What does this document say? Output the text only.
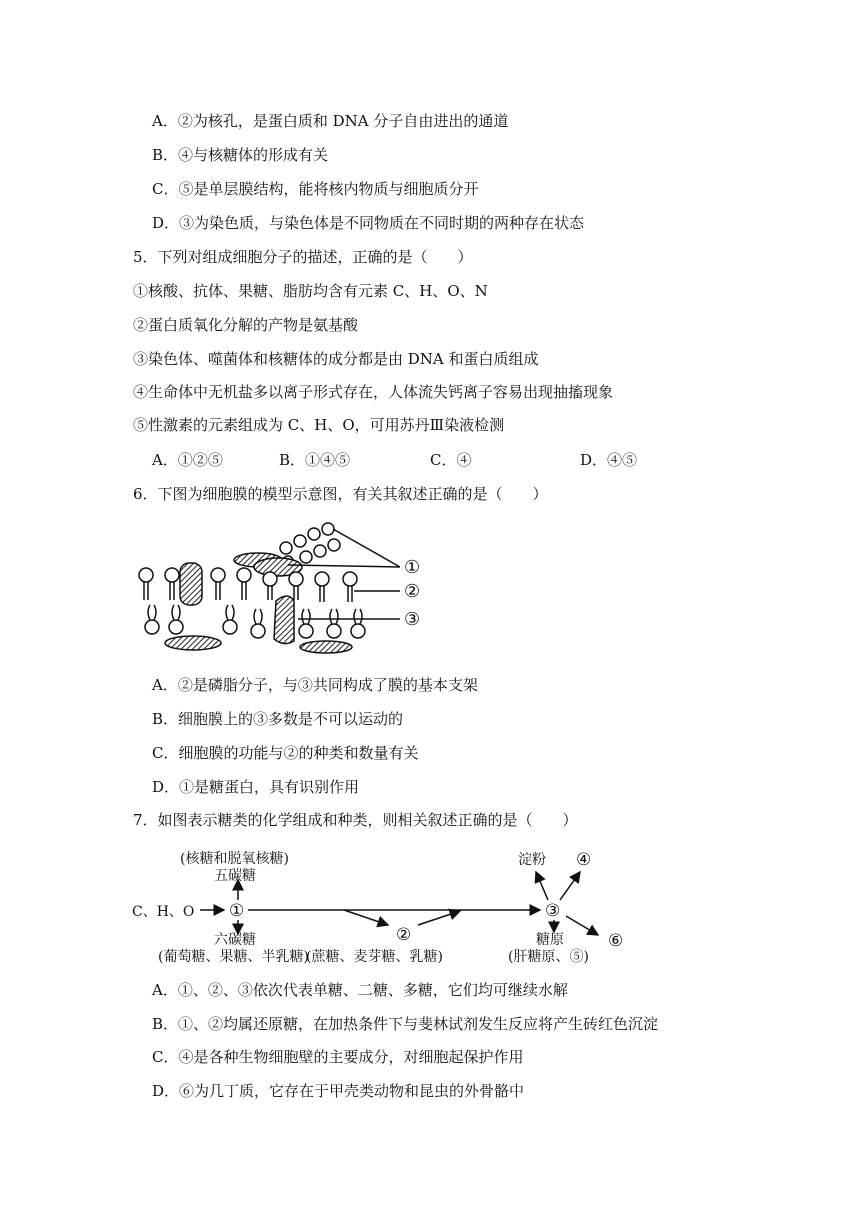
A．②为核孔，是蛋白质和 DNA 分子自由进出的通道
B．④与核糖体的形成有关
C．⑤是单层膜结构，能将核内物质与细胞质分开
D．③为染色质，与染色体是不同物质在不同时期的两种存在状态
5．下列对组成细胞分子的描述，正确的是（　　）
①核酸、抗体、果糖、脂肪均含有元素 C、H、O、N
②蛋白质氧化分解的产物是氨基酸
③染色体、噬菌体和核糖体的成分都是由 DNA 和蛋白质组成
④生命体中无机盐多以离子形式存在，人体流失钙离子容易出现抽搐现象
⑤性激素的元素组成为 C、H、O，可用苏丹Ⅲ染液检测
A．①②⑤	B．①④⑤	C．④	D．④⑤
6．下图为细胞膜的模型示意图，有关其叙述正确的是（　　）
①
②
③
A．②是磷脂分子，与③共同构成了膜的基本支架
B．细胞膜上的③多数是不可以运动的
C．细胞膜的功能与②的种类和数量有关
D．①是糖蛋白，具有识别作用
7．如图表示糖类的化学组成和种类，则相关叙述正确的是（　　）
(核糖和脱氧核糖)
五碳糖
C、H、O ①
②
③
④
⑥
淀粉
六碳糖
(葡萄糖、果糖、半乳糖)
(蔗糖、麦芽糖、乳糖)
糖原
(肝糖原、⑤)
A．①、②、③依次代表单糖、二糖、多糖，它们均可继续水解
B．①、②均属还原糖，在加热条件下与斐林试剂发生反应将产生砖红色沉淀
C．④是各种生物细胞壁的主要成分，对细胞起保护作用
D．⑥为几丁质，它存在于甲壳类动物和昆虫的外骨骼中
